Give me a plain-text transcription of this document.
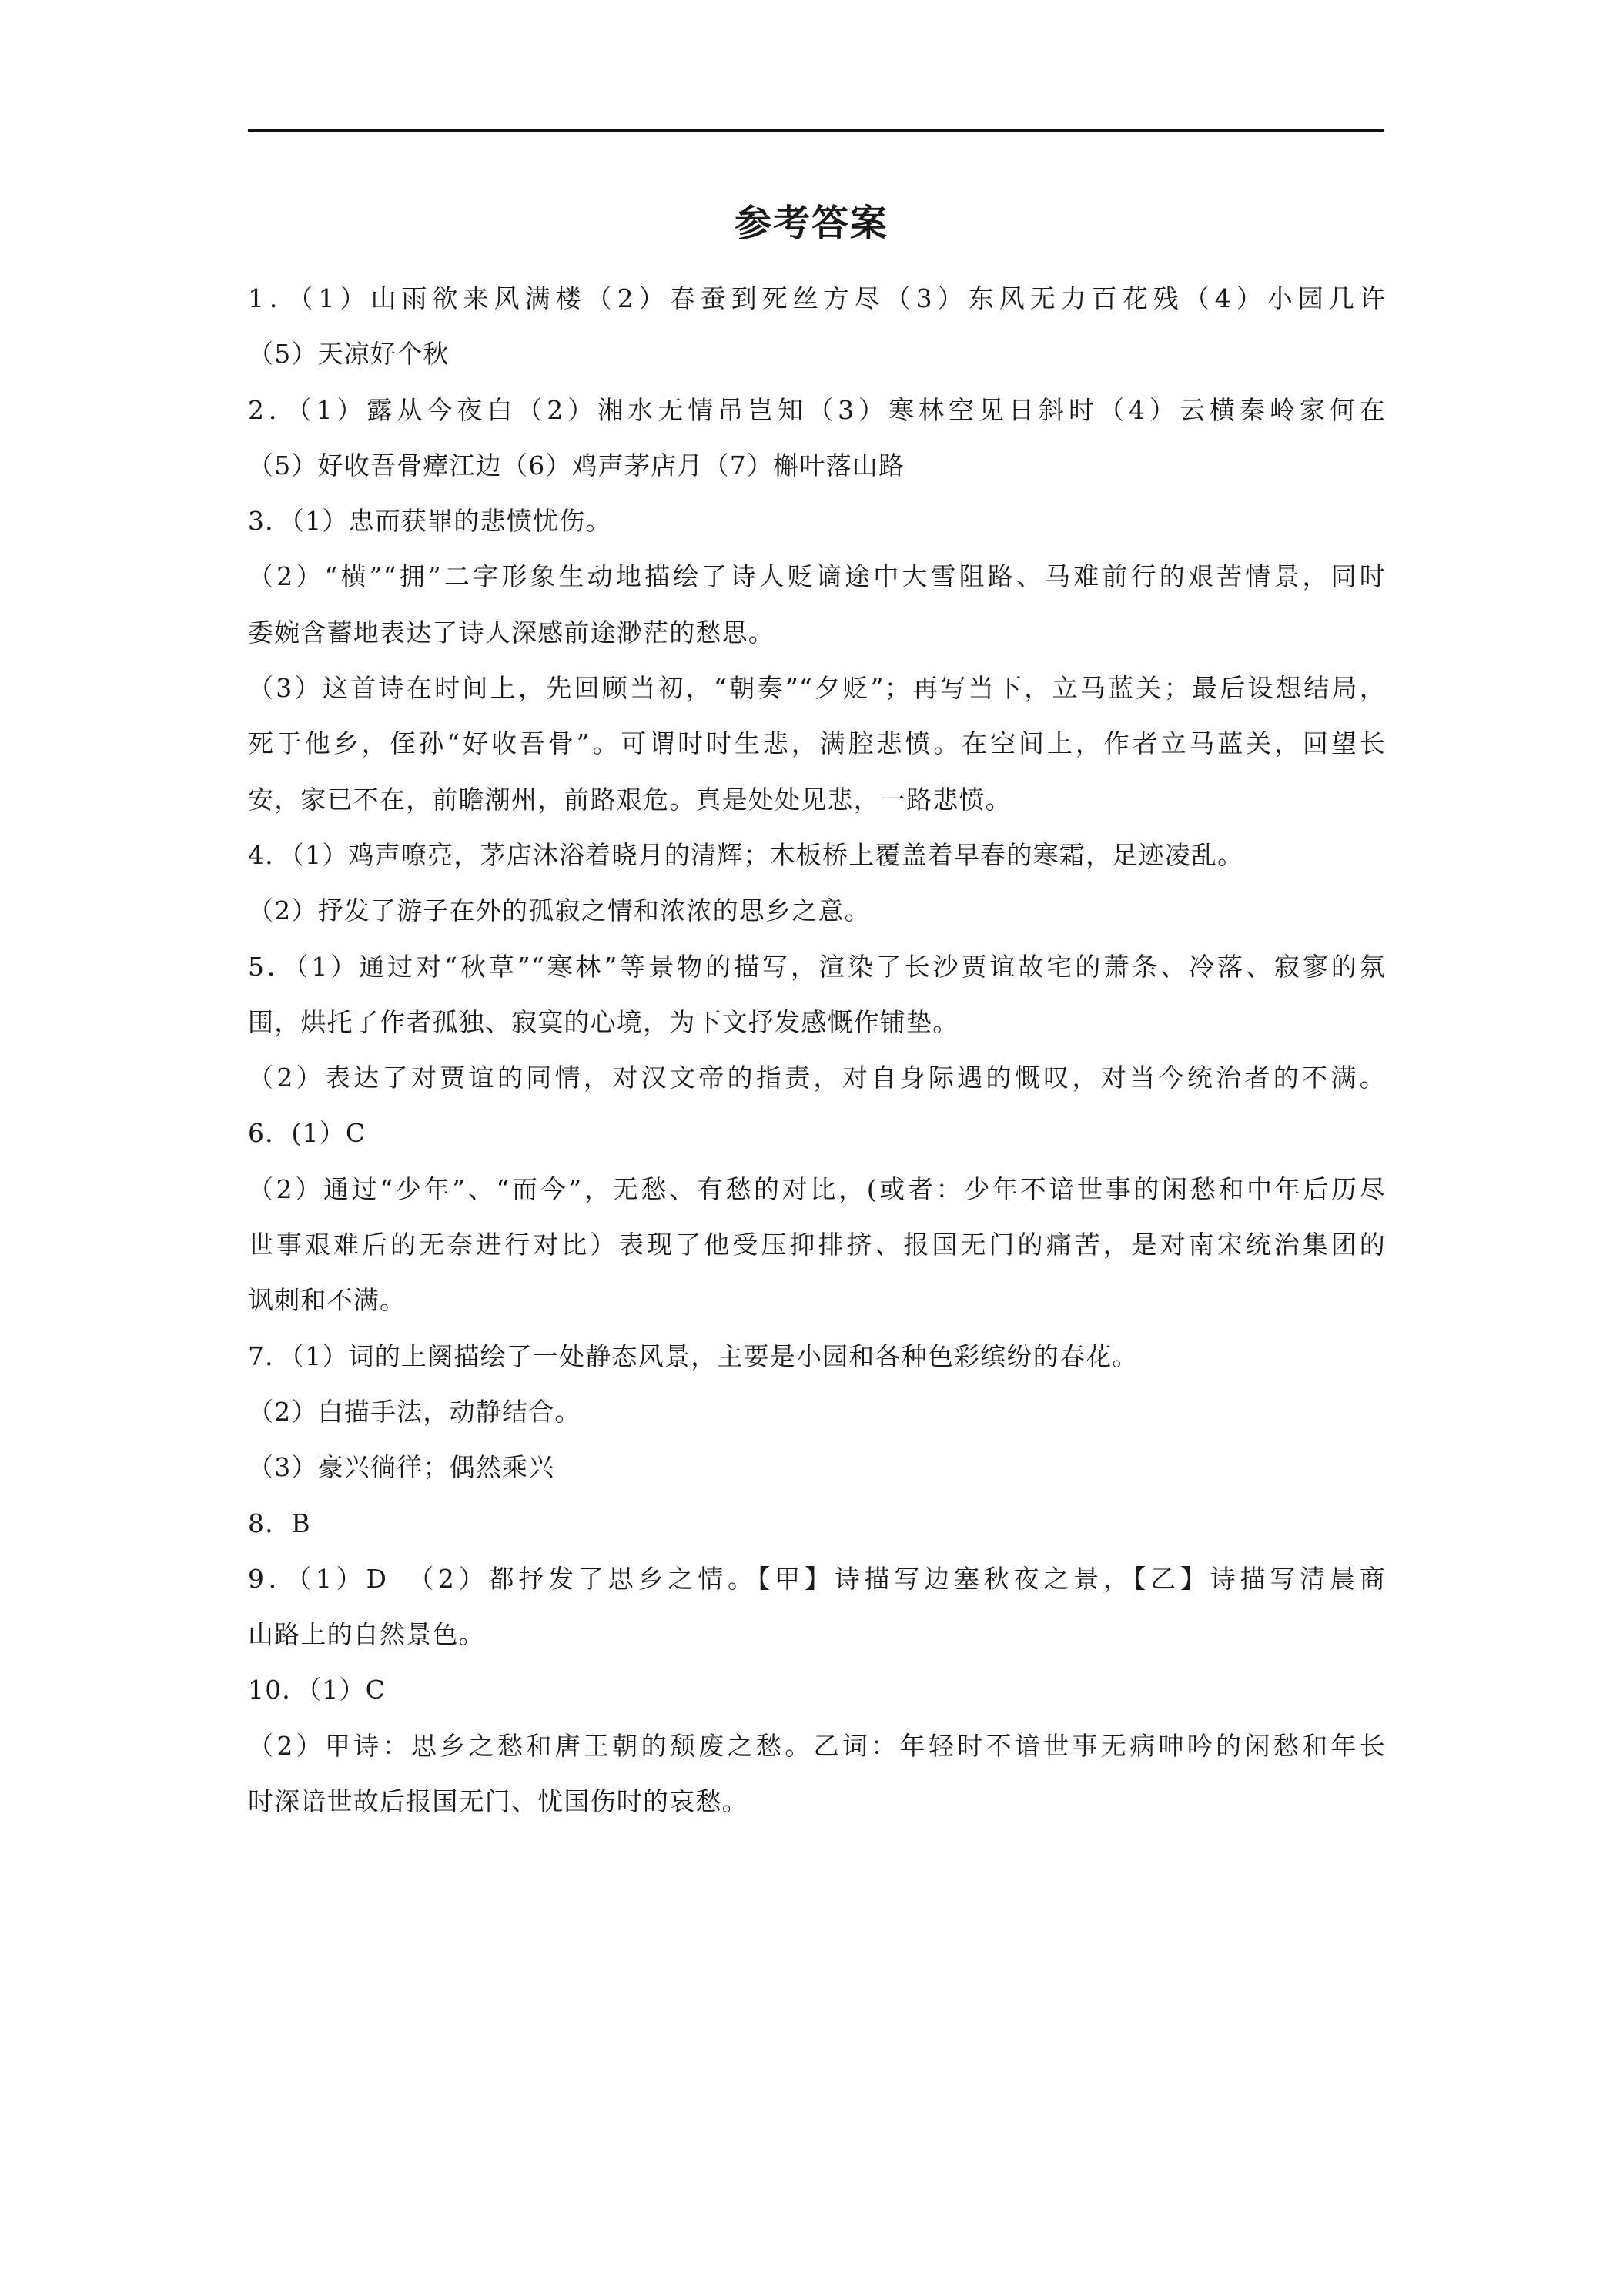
参考答案
1．（1）山雨欲来风满楼（2）春蚕到死丝方尽（3）东风无力百花残（4）小园几许
（5）天凉好个秋
2．（1）露从今夜白（2）湘水无情吊岂知（3）寒林空见日斜时（4）云横秦岭家何在
（5）好收吾骨瘴江边（6）鸡声茅店月（7）槲叶落山路
3．（1）忠而获罪的悲愤忧伤。
（2）“横”“拥”二字形象生动地描绘了诗人贬谪途中大雪阻路、马难前行的艰苦情景，同时
委婉含蓄地表达了诗人深感前途渺茫的愁思。
（3）这首诗在时间上，先回顾当初，“朝奏”“夕贬”；再写当下，立马蓝关；最后设想结局，
死于他乡，侄孙“好收吾骨”。可谓时时生悲，满腔悲愤。在空间上，作者立马蓝关，回望长
安，家已不在，前瞻潮州，前路艰危。真是处处见悲，一路悲愤。
4．（1）鸡声嘹亮，茅店沐浴着晓月的清辉；木板桥上覆盖着早春的寒霜，足迹凌乱。
（2）抒发了游子在外的孤寂之情和浓浓的思乡之意。
5．（1）通过对“秋草”“寒林”等景物的描写，渲染了长沙贾谊故宅的萧条、冷落、寂寥的氛
围，烘托了作者孤独、寂寞的心境，为下文抒发感慨作铺垫。
（2）表达了对贾谊的同情，对汉文帝的指责，对自身际遇的慨叹，对当今统治者的不满。
6．(1）C
（2）通过“少年”、“而今”，无愁、有愁的对比，(或者：少年不谙世事的闲愁和中年后历尽
世事艰难后的无奈进行对比）表现了他受压抑排挤、报国无门的痛苦，是对南宋统治集团的
讽刺和不满。
7．（1）词的上阕描绘了一处静态风景，主要是小园和各种色彩缤纷的春花。
（2）白描手法，动静结合。
（3）豪兴徜徉；偶然乘兴
8．B
9．（1）D　（2）都抒发了思乡之情。【甲】诗描写边塞秋夜之景，【乙】诗描写清晨商
山路上的自然景色。
10．（1）C
（2）甲诗：思乡之愁和唐王朝的颓废之愁。乙词：年轻时不谙世事无病呻吟的闲愁和年长
时深谙世故后报国无门、忧国伤时的哀愁。
